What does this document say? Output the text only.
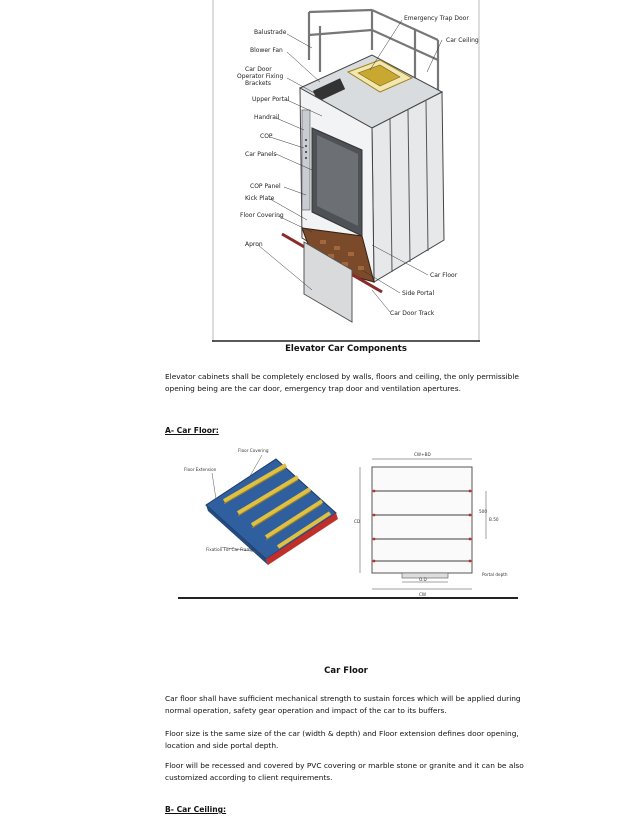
Balustrade
Blower Fan
Car Door
Operator Fixing
Brackets
Upper Portal
Handrail
COP
Car Panels
COP Panel
Kick Plate
Floor Covering
Apron
Emergency Trap Door
Car Ceiling
Car Floor
Side Portal
Car Door Track
Elevator Car Components
Elevator cabinets shall be completely enclosed by walls, floors and ceiling, the only permissible opening being are the car door, emergency trap door and ventilation apertures.
A- Car Floor:
Floor Covering
Floor Extension
Fixation For Car Frame
CW+BD
CD
500
B.50
O.D
CW
Portal depth
Car Floor
Car floor shall have sufficient mechanical strength to sustain forces which will be applied during normal operation, safety gear operation and impact of the car to its buffers.
Floor size is the same size of the car (width & depth) and Floor extension defines door opening, location and side portal depth.
Floor will be recessed and covered by PVC covering or marble stone or granite and it can be also customized according to client requirements.
B- Car Ceiling:
